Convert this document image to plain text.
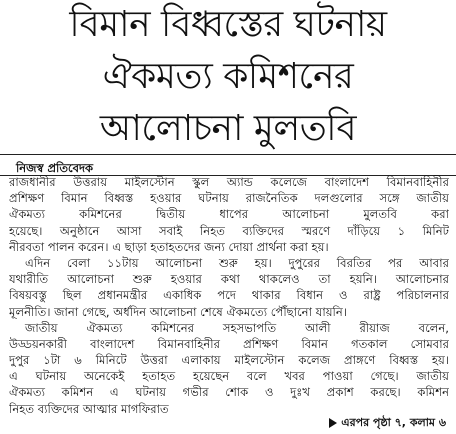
বিমান বিধ্বস্তের ঘটনায়
ঐকমত্য কমিশনের
আলোচনা মুলতবি
নিজস্ব প্রতিবেদক
রাজধানীর উত্তরায় মাইলস্টোন স্কুল অ্যান্ড কলেজে বাংলাদেশ বিমানবাহিনীর
প্রশিক্ষণ বিমান বিধ্বস্ত হওয়ার ঘটনায় রাজনৈতিক দলগুলোর সঙ্গে জাতীয়
ঐকমত্য কমিশনের দ্বিতীয় ধাপের আলোচনা মুলতবি করা
হয়েছে। অনুষ্ঠানে আসা সবাই নিহত ব্যক্তিদের স্মরণে দাঁড়িয়ে ১ মিনিট
নীরবতা পালন করেন। এ ছাড়া হতাহতদের জন্য দোয়া প্রার্থনা করা হয়।
এদিন বেলা ১১টায় আলোচনা শুরু হয়। দুপুরের বিরতির পর আবার
যথারীতি আলোচনা শুরু হওয়ার কথা থাকলেও তা হয়নি। আলোচনার
বিষয়বস্তু ছিল প্রধানমন্ত্রীর একাধিক পদে থাকার বিধান ও রাষ্ট্র পরিচালনার
মূলনীতি। জানা গেছে, অর্ধদিন আলোচনা শেষে ঐকমত্যে পৌঁছানো যায়নি।
জাতীয় ঐকমত্য কমিশনের সহসভাপতি আলী রীয়াজ বলেন,
উড্ডয়নকারী বাংলাদেশ বিমানবাহিনীর প্রশিক্ষণ বিমান গতকাল সোমবার
দুপুর ১টা ৬ মিনিটে উত্তরা এলাকায় মাইলস্টোন কলেজ প্রাঙ্গণে বিধ্বস্ত হয়।
এ ঘটনায় অনেকেই হতাহত হয়েছেন বলে খবর পাওয়া গেছে। জাতীয়
ঐকমত্য কমিশন এ ঘটনায় গভীর শোক ও দুঃখ প্রকাশ করছে। কমিশন
নিহত ব্যক্তিদের আত্মার মাগফিরাত
এরপর পৃষ্ঠা ৭, কলাম ৬
